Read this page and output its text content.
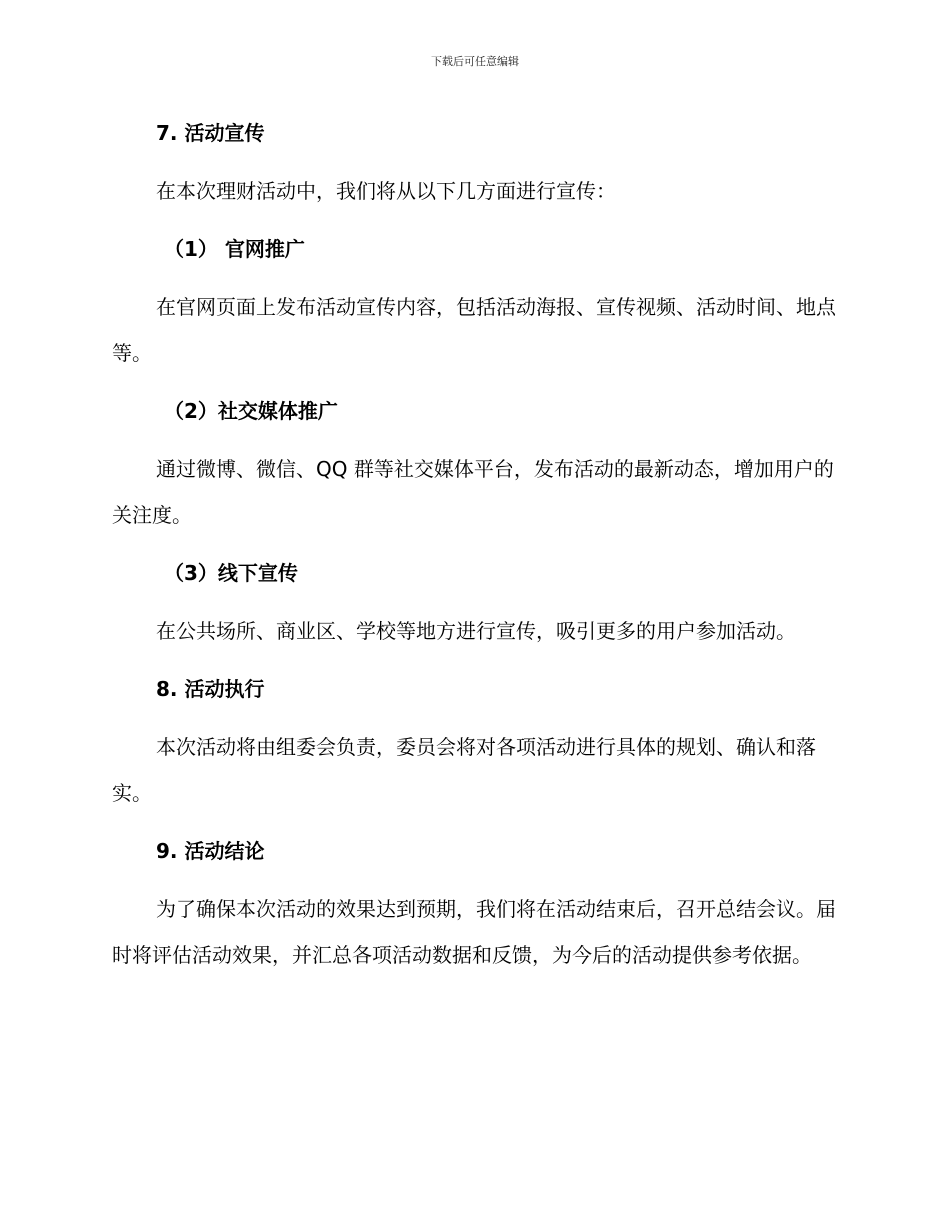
下载后可任意编辑

7. 活动宣传

在本次理财活动中，我们将从以下几方面进行宣传：

（1） 官网推广

在官网页面上发布活动宣传内容，包括活动海报、宣传视频、活动时间、地点等。

（2）社交媒体推广

通过微博、微信、QQ 群等社交媒体平台，发布活动的最新动态，增加用户的关注度。

（3）线下宣传

在公共场所、商业区、学校等地方进行宣传，吸引更多的用户参加活动。

8. 活动执行

本次活动将由组委会负责，委员会将对各项活动进行具体的规划、确认和落实。

9. 活动结论

为了确保本次活动的效果达到预期，我们将在活动结束后，召开总结会议。届时将评估活动效果，并汇总各项活动数据和反馈，为今后的活动提供参考依据。
